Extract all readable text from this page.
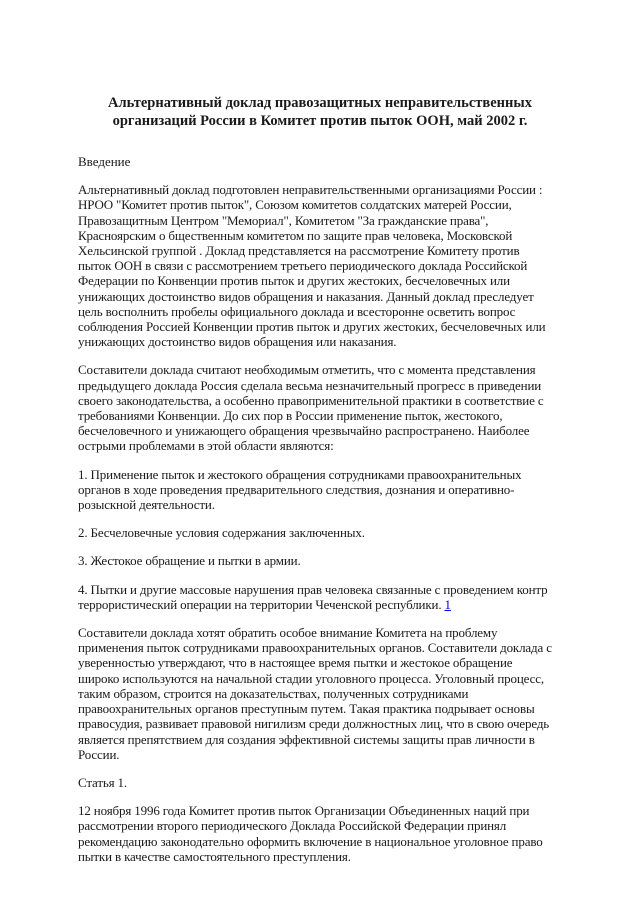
Альтернативный доклад правозащитных неправительственных
организаций России в Комитет против пыток ООН, май 2002 г.
Введение
Альтернативный доклад подготовлен неправительственными организациями России :
НРОО "Комитет против пыток", Союзом комитетов солдатских матерей России,
Правозащитным Центром "Мемориал", Комитетом "За гражданские права",
Красноярским о бщественным комитетом по защите прав человека, Московской
Хельсинской группой . Доклад представляется на рассмотрение Комитету против
пыток ООН в связи с рассмотрением третьего периодического доклада Российской
Федерации по Конвенции против пыток и других жестоких, бесчеловечных или
унижающих достоинство видов обращения и наказания. Данный доклад преследует
цель восполнить пробелы официального доклада и всесторонне осветить вопрос
соблюдения Россией Конвенции против пыток и других жестоких, бесчеловечных или
унижающих достоинство видов обращения или наказания.
Составители доклада считают необходимым отметить, что с момента представления
предыдущего доклада Россия сделала весьма незначительный прогресс в приведении
своего законодательства, а особенно правоприменительной практики в соответствие с
требованиями Конвенции. До сих пор в России применение пыток, жестокого,
бесчеловечного и унижающего обращения чрезвычайно распространено. Наиболее
острыми проблемами в этой области являются:
1. Применение пыток и жестокого обращения сотрудниками правоохранительных
органов в ходе проведения предварительного следствия, дознания и оперативно-
розыскной деятельности.
2. Бесчеловечные условия содержания заключенных.
3. Жестокое обращение и пытки в армии.
4. Пытки и другие массовые нарушения прав человека связанные с проведением контр
террористический операции на территории Чеченской республики. 1
Составители доклада хотят обратить особое внимание Комитета на проблему
применения пыток сотрудниками правоохранительных органов. Составители доклада с
уверенностью утверждают, что в настоящее время пытки и жестокое обращение
широко используются на начальной стадии уголовного процесса. Уголовный процесс,
таким образом, строится на доказательствах, полученных сотрудниками
правоохранительных органов преступным путем. Такая практика подрывает основы
правосудия, развивает правовой нигилизм среди должностных лиц, что в свою очередь
является препятствием для создания эффективной системы защиты прав личности в
России.
Статья 1.
12 ноября 1996 года Комитет против пыток Организации Объединенных наций при
рассмотрении второго периодического Доклада Российской Федерации принял
рекомендацию законодательно оформить включение в национальное уголовное право
пытки в качестве самостоятельного преступления.
